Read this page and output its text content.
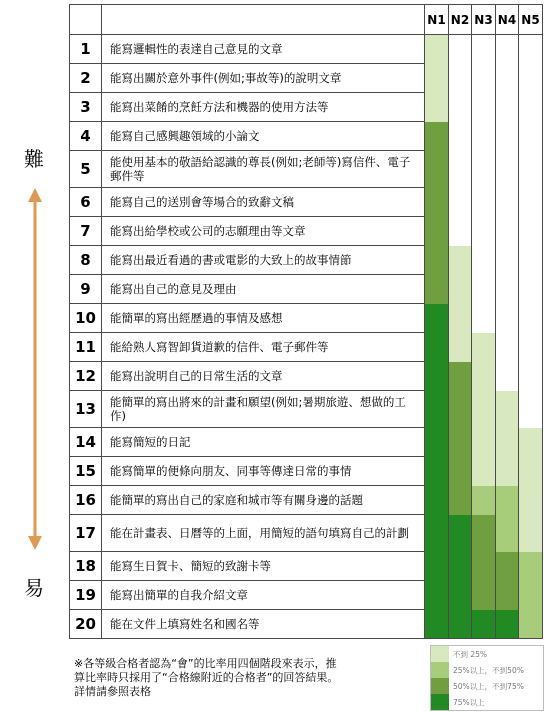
難
易
		N1	N2	N3	N4	N5
1	能寫邏輯性的表達自己意見的文章					
2	能寫出關於意外事件(例如;事故等)的說明文章					
3	能寫出菜餚的烹飪方法和機器的使用方法等					
4	能寫自己感興趣領域的小論文					
5	能使用基本的敬語給認識的尊長(例如;老師等)寫信件、電子郵件等					
6	能寫自己的送別會等場合的致辭文稿					
7	能寫出給學校或公司的志願理由等文章					
8	能寫出最近看過的書或電影的大致上的故事情節					
9	能寫出自己的意見及理由					
10	能簡單的寫出經歷過的事情及感想					
11	能給熟人寫智卸貨道歉的信件、電子郵件等					
12	能寫出說明自己的日常生活的文章					
13	能簡單的寫出將來的計畫和願望(例如;暑期旅遊、想做的工作)					
14	能寫簡短的日記					
15	能寫簡單的便條向朋友、同事等傳達日常的事情					
16	能簡單的寫出自己的家庭和城市等有關身邊的話題					
17	能在計畫表、日曆等的上面，用簡短的語句填寫自己的計劃					
18	能寫生日賀卡、簡短的致謝卡等					
19	能寫出簡單的自我介紹文章					
20	能在文件上填寫姓名和國名等					
※各等級合格者認為“會”的比率用四個階段來表示，推
算比率時只採用了“合格線附近的合格者”的回答結果。
詳情請參照表格
不到 25%
25%以上，不到50%
50%以上，不到75%
75%以上
